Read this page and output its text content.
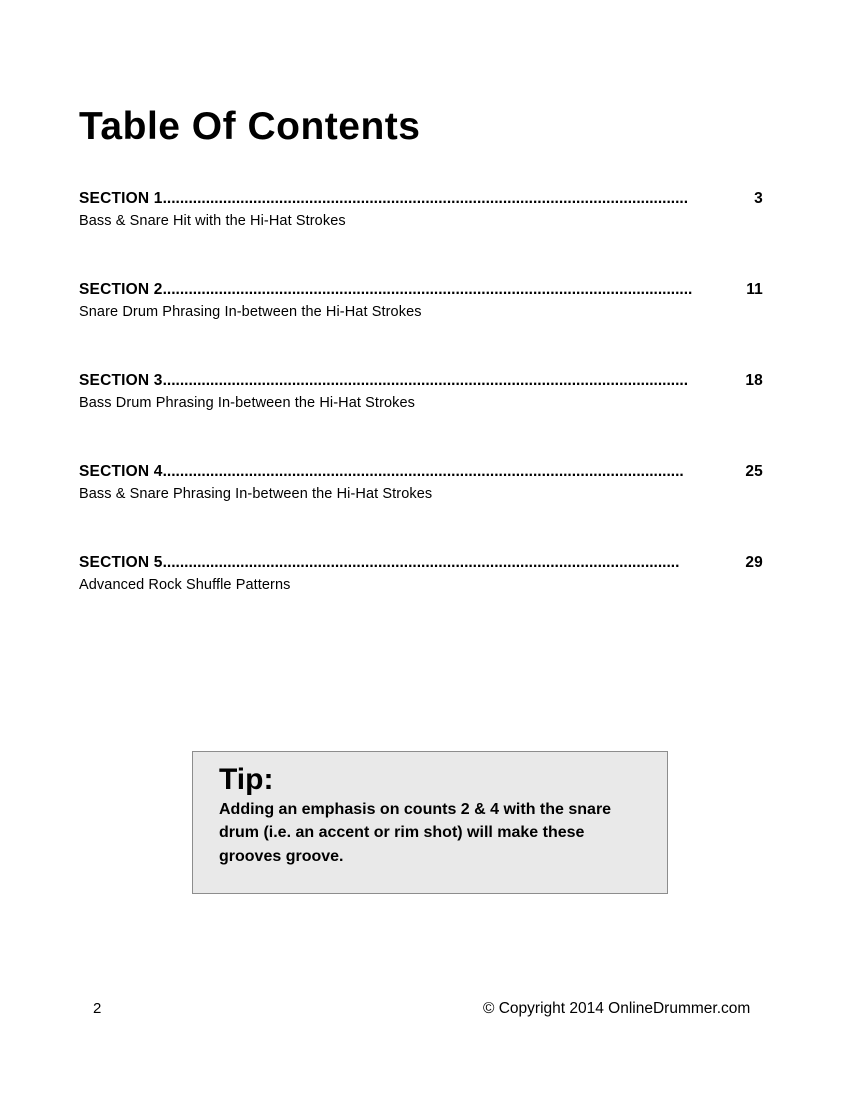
Table Of Contents
SECTION 1 ..........................................................................................................................	3
Bass & Snare Hit with the Hi-Hat Strokes
SECTION 2 ...........................................................................................................................	11
Snare Drum Phrasing In-between the Hi-Hat Strokes
SECTION 3 ..........................................................................................................................	18
Bass Drum Phrasing In-between the Hi-Hat Strokes
SECTION 4 .........................................................................................................................	25
Bass & Snare Phrasing In-between the Hi-Hat Strokes
SECTION 5 ........................................................................................................................	29
Advanced Rock Shuffle Patterns
Tip:
Adding an emphasis on counts 2 & 4 with the snare drum (i.e. an accent or rim shot) will make these grooves groove.
2	© Copyright 2014 OnlineDrummer.com
